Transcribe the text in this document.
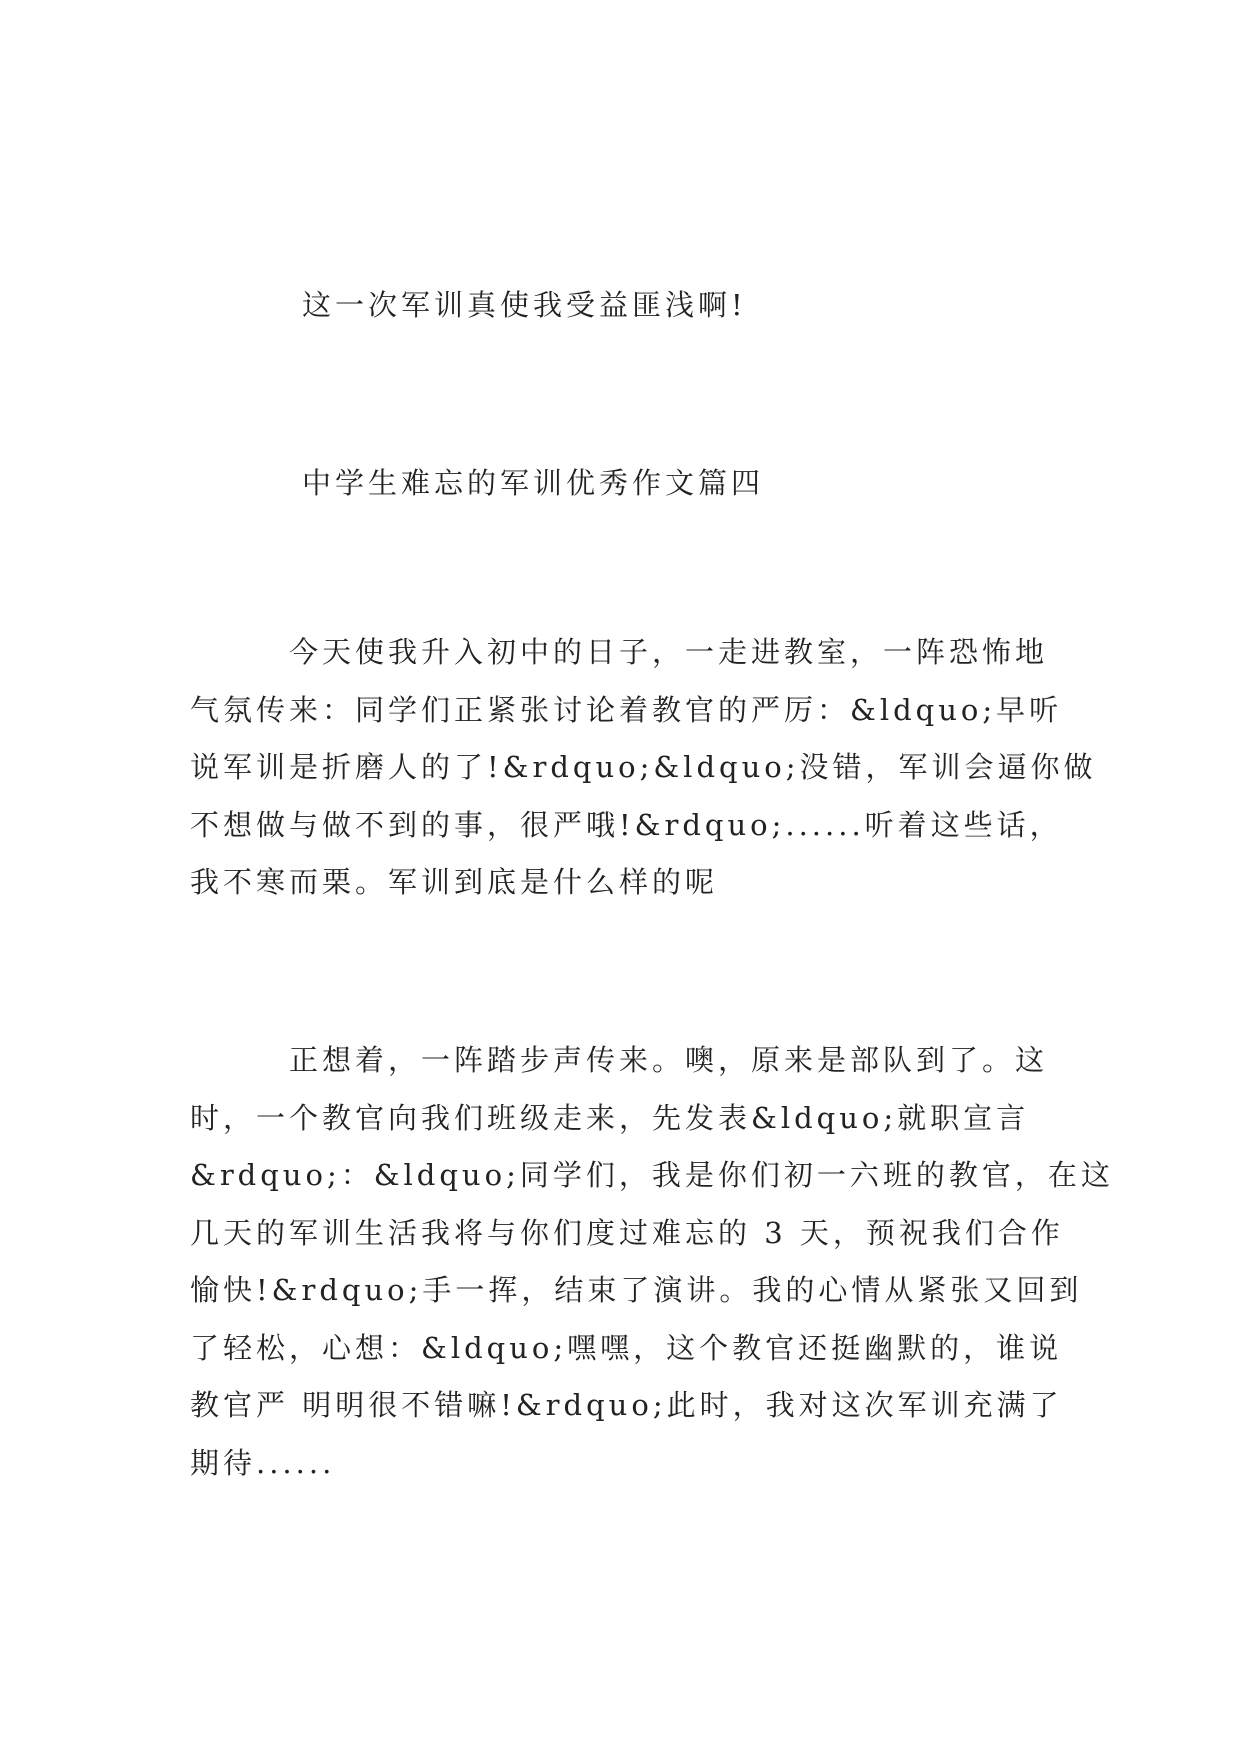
这一次军训真使我受益匪浅啊!

中学生难忘的军训优秀作文篇四

　　　今天使我升入初中的日子，一走进教室，一阵恐怖地
气氛传来：同学们正紧张讨论着教官的严厉：&ldquo;早听
说军训是折磨人的了!&rdquo;&ldquo;没错，军训会逼你做
不想做与做不到的事，很严哦!&rdquo;......听着这些话，
我不寒而栗。军训到底是什么样的呢

　　　正想着，一阵踏步声传来。噢，原来是部队到了。这
时，一个教官向我们班级走来，先发表&ldquo;就职宣言
&rdquo;：&ldquo;同学们，我是你们初一六班的教官，在这
几天的军训生活我将与你们度过难忘的 3 天，预祝我们合作
愉快!&rdquo;手一挥，结束了演讲。我的心情从紧张又回到
了轻松，心想：&ldquo;嘿嘿，这个教官还挺幽默的，谁说
教官严 明明很不错嘛!&rdquo;此时，我对这次军训充满了
期待......
